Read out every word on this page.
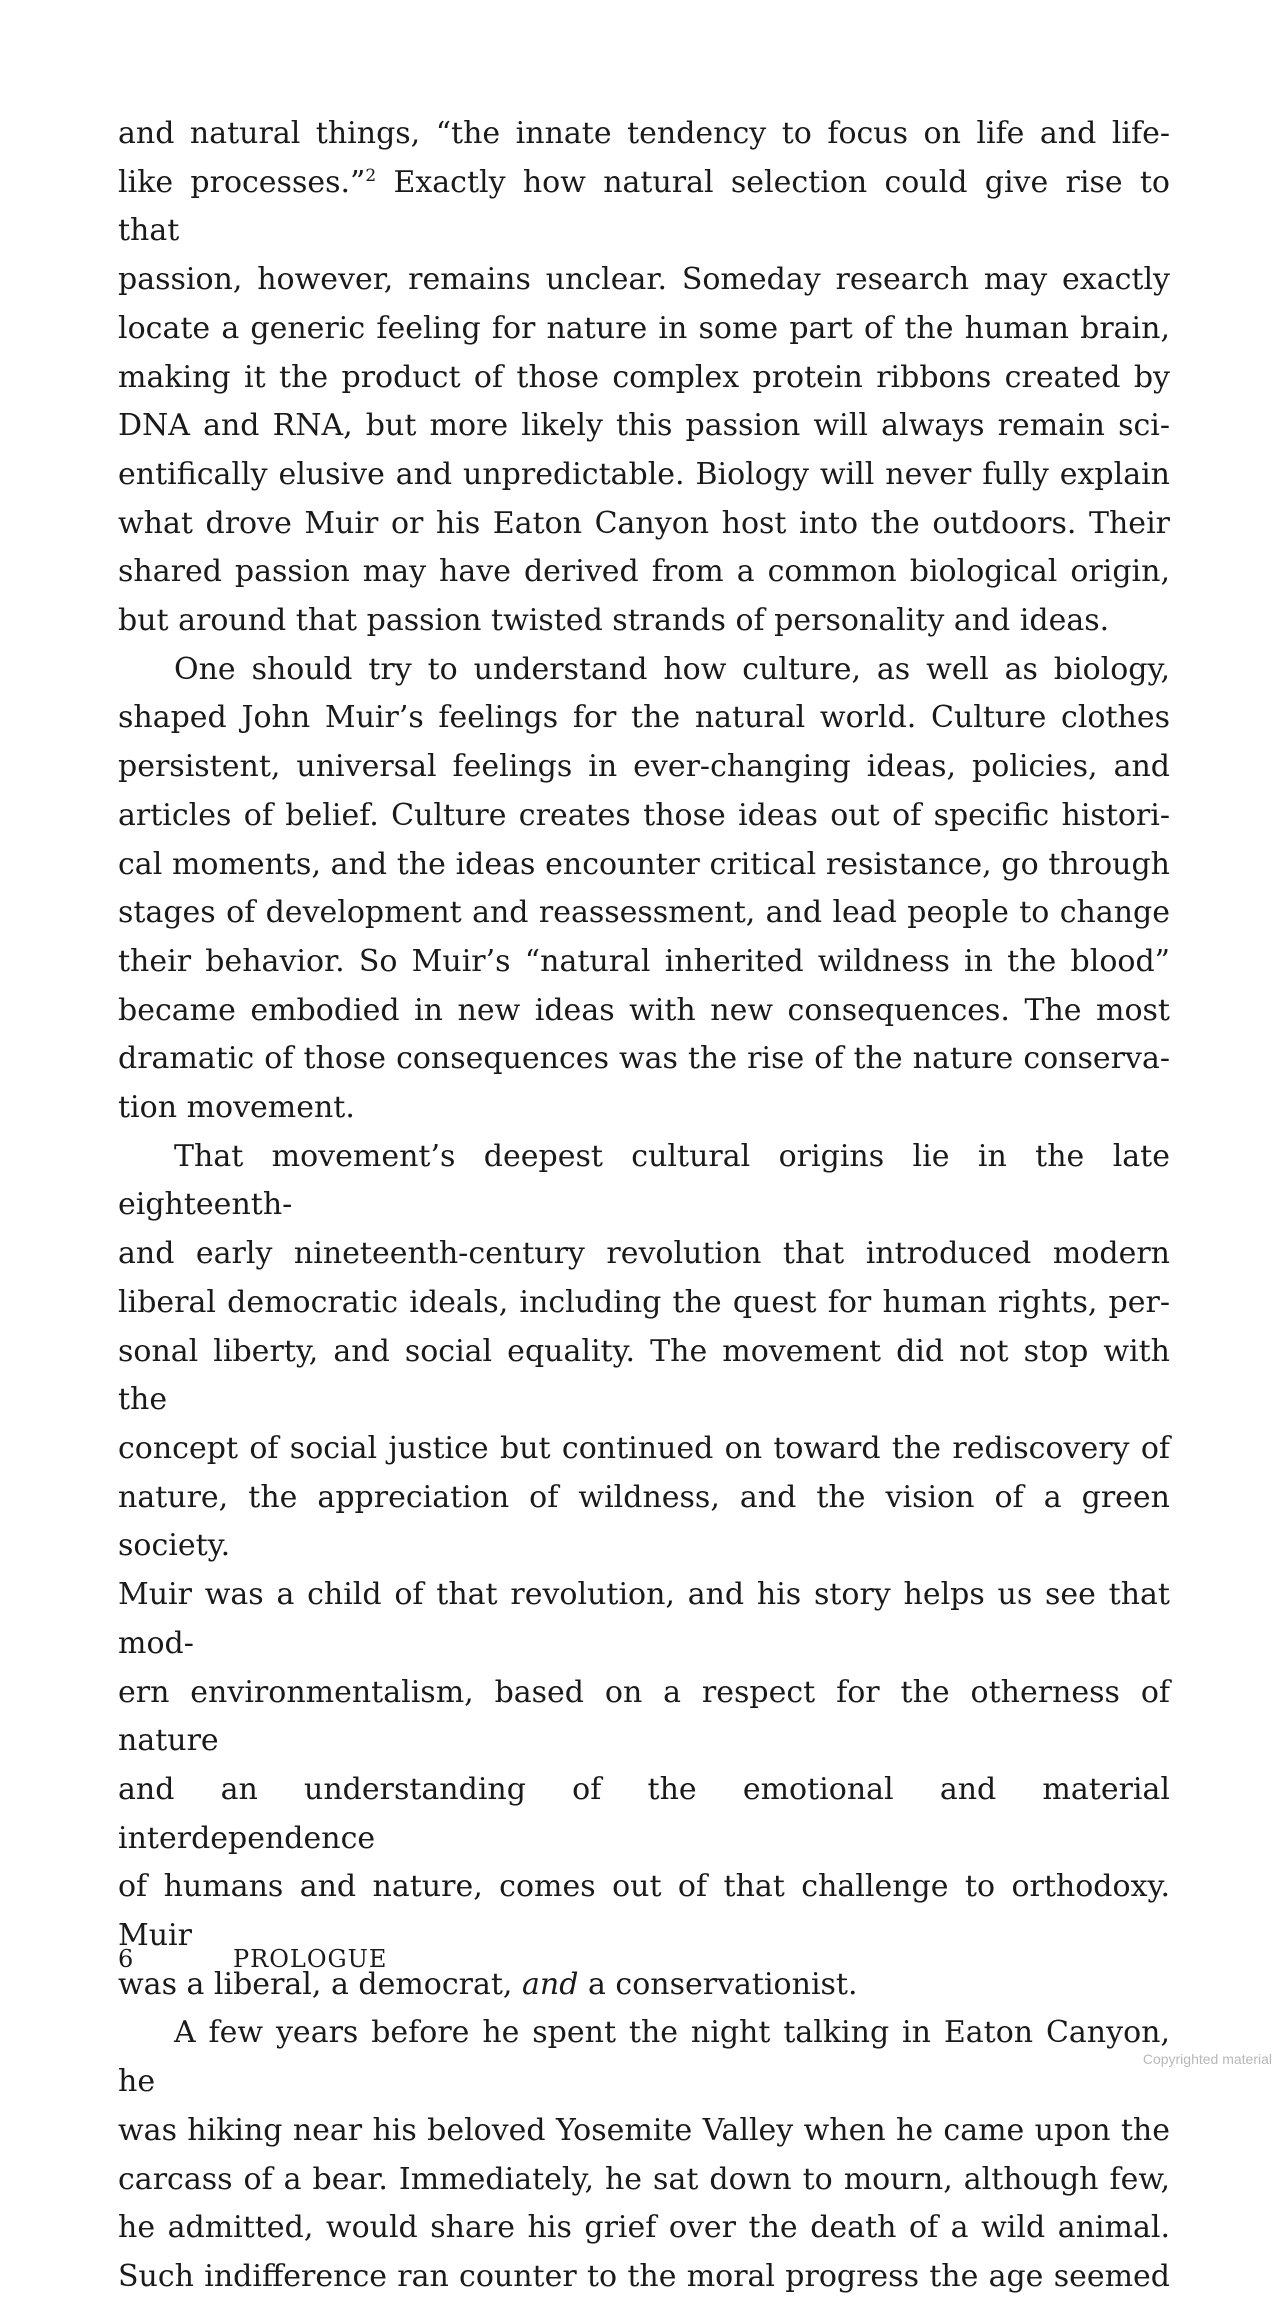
and natural things, “the innate tendency to focus on life and life-
like processes.”$^2$ Exactly how natural selection could give rise to that
passion, however, remains unclear. Someday research may exactly
locate a generic feeling for nature in some part of the human brain,
making it the product of those complex protein ribbons created by
DNA and RNA, but more likely this passion will always remain sci-
entifically elusive and unpredictable. Biology will never fully explain
what drove Muir or his Eaton Canyon host into the outdoors. Their
shared passion may have derived from a common biological origin,
but around that passion twisted strands of personality and ideas.

One should try to understand how culture, as well as biology,
shaped John Muir’s feelings for the natural world. Culture clothes
persistent, universal feelings in ever-changing ideas, policies, and
articles of belief. Culture creates those ideas out of specific histori-
cal moments, and the ideas encounter critical resistance, go through
stages of development and reassessment, and lead people to change
their behavior. So Muir’s “natural inherited wildness in the blood”
became embodied in new ideas with new consequences. The most
dramatic of those consequences was the rise of the nature conserva-
tion movement.

That movement’s deepest cultural origins lie in the late eighteenth-
and early nineteenth-century revolution that introduced modern
liberal democratic ideals, including the quest for human rights, per-
sonal liberty, and social equality. The movement did not stop with the
concept of social justice but continued on toward the rediscovery of
nature, the appreciation of wildness, and the vision of a green society.
Muir was a child of that revolution, and his story helps us see that mod-
ern environmentalism, based on a respect for the otherness of nature
and an understanding of the emotional and material interdependence
of humans and nature, comes out of that challenge to orthodoxy. Muir
was a liberal, a democrat, and a conservationist.

A few years before he spent the night talking in Eaton Canyon, he
was hiking near his beloved Yosemite Valley when he came upon the
carcass of a bear. Immediately, he sat down to mourn, although few,
he admitted, would share his grief over the death of a wild animal.
Such indifference ran counter to the moral progress the age seemed

6	PROLOGUE
Copyrighted material
